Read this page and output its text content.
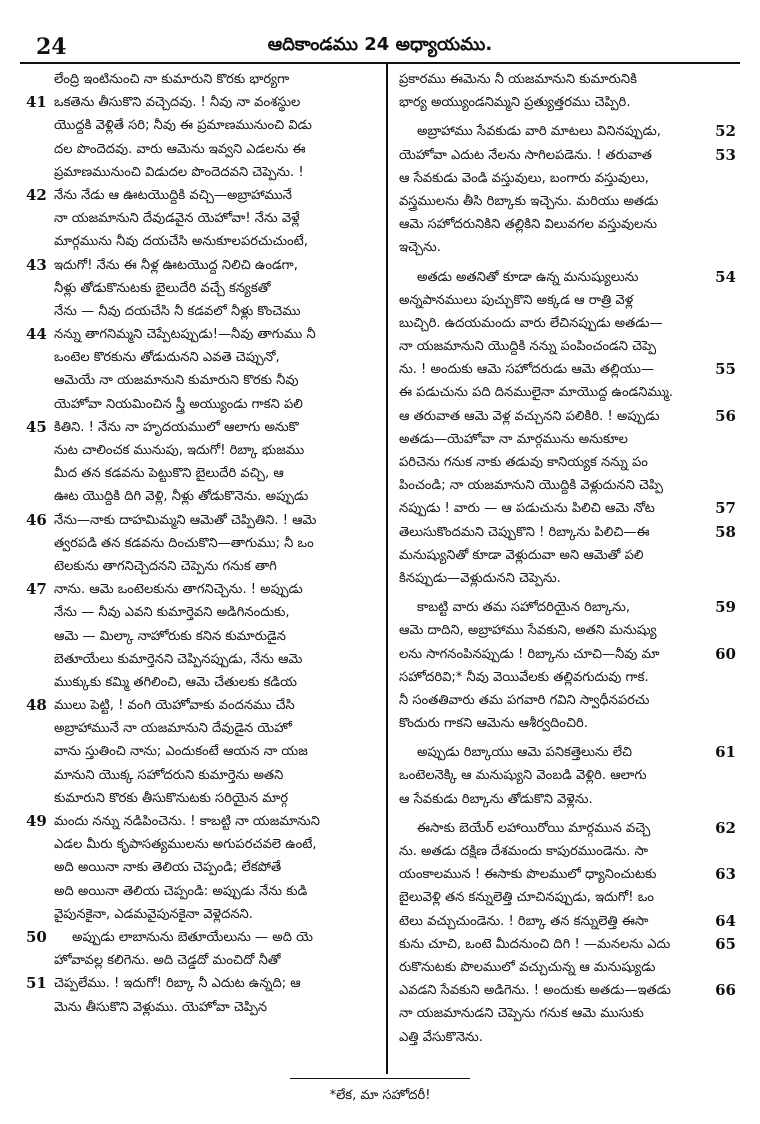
24	ఆదికాండము 24 అధ్యాయము.
లేంద్రి ఇంటినుంచి నా కుమారుని కొరకు భార్యగా
41 ఒకతెను తీసుకొని వచ్చెదవు. ! నీవు నా వంశస్థుల
యొద్దకి వెళ్లితే సరి; నీవు ఈ ప్రమాణమునుంచి విడు
దల పొందెదవు. వారు ఆమెను ఇవ్వని ఎడలను ఈ
ప్రమాణమునుంచి విడుదల పొందెదవని చెప్పెను. !
42 నేను నేడు ఆ ఊటయొద్దికి వచ్చి—అబ్రాహామునే
నా యజమానుని దేవుడవైన యెహోవా! నేను వెళ్లే
మార్గమును నీవు దయచేసి అనుకూలపరచుచుంటే,
43 ఇదుగో! నేను ఈ నీళ్ల ఊటయొద్ద నిలిచి ఉండగా,
నీళ్లు తోడుకొనుటకు బైలుదేరి వచ్చే కన్యకతో
నేను — నీవు దయచేసి నీ కడవలో నీళ్లు కొంచెము
44 నన్ను తాగనిమ్మని చెప్పేటప్పుడు!—నీవు తాగుము నీ
ఒంటెల కొరకును తోడుదునని ఎవతె చెప్పునో,
ఆమెయే నా యజమానుని కుమారుని కొరకు నీవు
యెహోవా నియమించిన స్త్రీ అయ్యుండు గాకని పలి
45 కితిని. ! నేను నా హృదయములో ఆలాగు అనుకొ
నుట చాలించక మునుపు, ఇదుగో! రిబ్కా భుజము
మీద తన కడవను పెట్టుకొని బైలుదేరి వచ్చి, ఆ
ఊట యొద్దికి దిగి వెళ్లి, నీళ్లు తోడుకొనెను. అప్పుడు
46 నేను—నాకు దాహమిమ్మని ఆమెతో చెప్పితిని. ! ఆమె
త్వరపడి తన కడవను దించుకొని—తాగుము; నీ ఒం
టెలకును తాగనిచ్చెదనని చెప్పెను గనుక తాగి
47 నాను. ఆమె ఒంటెలకును తాగనిచ్చెను. ! అప్పుడు
నేను — నీవు ఎవని కుమార్తెవని అడిగినందుకు,
ఆమె — మిల్కా నాహోరుకు కనిన కుమారుడైన
బెతూయేలు కుమార్తెనని చెప్పినప్పుడు, నేను ఆమె
ముక్కుకు కమ్మి తగిలించి, ఆమె చేతులకు కడియ
48 ములు పెట్టి, ! వంగి యెహోవాకు వందనము చేసి
అబ్రాహామునే నా యజమానుని దేవుడైన యెహో
వాను స్తుతించి నాను; ఎందుకంటే ఆయన నా యజ
మానుని యొక్క సహోదరుని కుమార్తెను అతని
కుమారుని కొరకు తీసుకొనుటకు సరియైన మార్గ
49 మందు నన్ను నడిపించెను. ! కాబట్టి నా యజమానుని
ఎడల మీరు కృపాసత్యములను అగుపరచవలె ఉంటే,
అది అయినా నాకు తెలియ చెప్పండి; లేకపోతే
అది అయినా తెలియ చెప్పండి: అప్పుడు నేను కుడి
వైపునకైనా, ఎడమవైపునకైనా వెళ్లెదనని.
50 అప్పుడు లాబానును బెతూయేలును — అది యె
హోవావల్ల కలిగెను. అది చెడ్డదో మంచిదో నీతో
51 చెప్పలేము. ! ఇదుగో! రిబ్కా నీ ఎదుట ఉన్నది; ఆ
మెను తీసుకొని వెళ్లుము. యెహోవా చెప్పిన
ప్రకారము ఈమెను నీ యజమానుని కుమారునికి
భార్య అయ్యుండనిమ్మని ప్రత్యుత్తరము చెప్పిరి.
52
అబ్రాహాము సేవకుడు వారి మాటలు వినినప్పుడు,
53
యెహోవా ఎదుట నేలను సాగిలపడెను. ! తరువాత
ఆ సేవకుడు వెండి వస్తువులు, బంగారు వస్తువులు,
వస్త్రములను తీసి రిబ్కాకు ఇచ్చెను. మరియు అతడు
ఆమె సహోదరునికిని తల్లికిని విలువగల వస్తువులను
ఇచ్చెను.
54
అతడు అతనితో కూడా ఉన్న మనుష్యులును
అన్నపానములు పుచ్చుకొని అక్కడ ఆ రాత్రి వెళ్ల
బుచ్చిరి. ఉదయమందు వారు లేచినప్పుడు అతడు—
నా యజమానుని యొద్దికి నన్ను పంపించండని చెప్పె
55
ను. ! అందుకు ఆమె సహోదరుడు ఆమె తల్లియు—
ఈ పడుచును పది దినములైనా మాయొద్ద ఉండనిమ్ము.
56
ఆ తరువాత ఆమె వెళ్ల వచ్చునని పలికిరి. ! అప్పుడు
అతడు—యెహోవా నా మార్గమును అనుకూల
పరిచెను గనుక నాకు తడువు కానియ్యక నన్ను పం
పించండి; నా యజమానుని యొద్దికి వెళ్లుదునని చెప్పి
57
నప్పుడు ! వారు — ఆ పడుచును పిలిచి ఆమె నోట
58
తెలుసుకొందమని చెప్పుకొని ! రిబ్కాను పిలిచి—ఈ
మనుష్యునితో కూడా వెళ్లుదువా అని ఆమెతో పలి
కినప్పుడు—వెళ్లుదునని చెప్పెను.
59
కాబట్టి వారు తమ సహోదరియైన రిబ్కాను,
ఆమె దాదిని, అబ్రాహాము సేవకుని, అతని మనుష్యు
60
లను సాగనంపినప్పుడు ! రిబ్కాను చూచి—నీవు మా
సహోదరివి;* నీవు వెయివేలకు తల్లివగుదువు గాక.
నీ సంతతివారు తమ పగవారి గవిని స్వాధీనపరచు
కొందురు గాకని ఆమెను ఆశీర్వదించిరి.
61
అప్పుడు రిబ్కాయు ఆమె పనికత్తెలును లేచి
ఒంటెలనెక్కి ఆ మనుష్యుని వెంబడి వెళ్లిరి. ఆలాగు
ఆ సేవకుడు రిబ్కాను తోడుకొని వెళ్లెను.
62
ఈసాకు బెయేర్ లహాయిరోయి మార్గమున వచ్చె
ను. అతడు దక్షిణ దేశమందు కాపురముండెను. సా
63
యంకాలమున ! ఈసాకు పొలములో ధ్యానించుటకు
బైలువెళ్లి తన కన్నులెత్తి చూచినప్పుడు, ఇదుగో! ఒం
64
టెలు వచ్చుచుండెను. ! రిబ్కా తన కన్నులెత్తి ఈసా
65
కును చూచి, ఒంటె మీదనుంచి దిగి ! —మనలను ఎదు
రుకొనుటకు పొలములో వచ్చుచున్న ఆ మనుష్యుడు
66
ఎవడని సేవకుని అడిగెను. ! అందుకు అతడు—ఇతడు
నా యజమానుడని చెప్పెను గనుక ఆమె ముసుకు
ఎత్తి వేసుకొనెను.
*లేక, మా సహోదరీ!
